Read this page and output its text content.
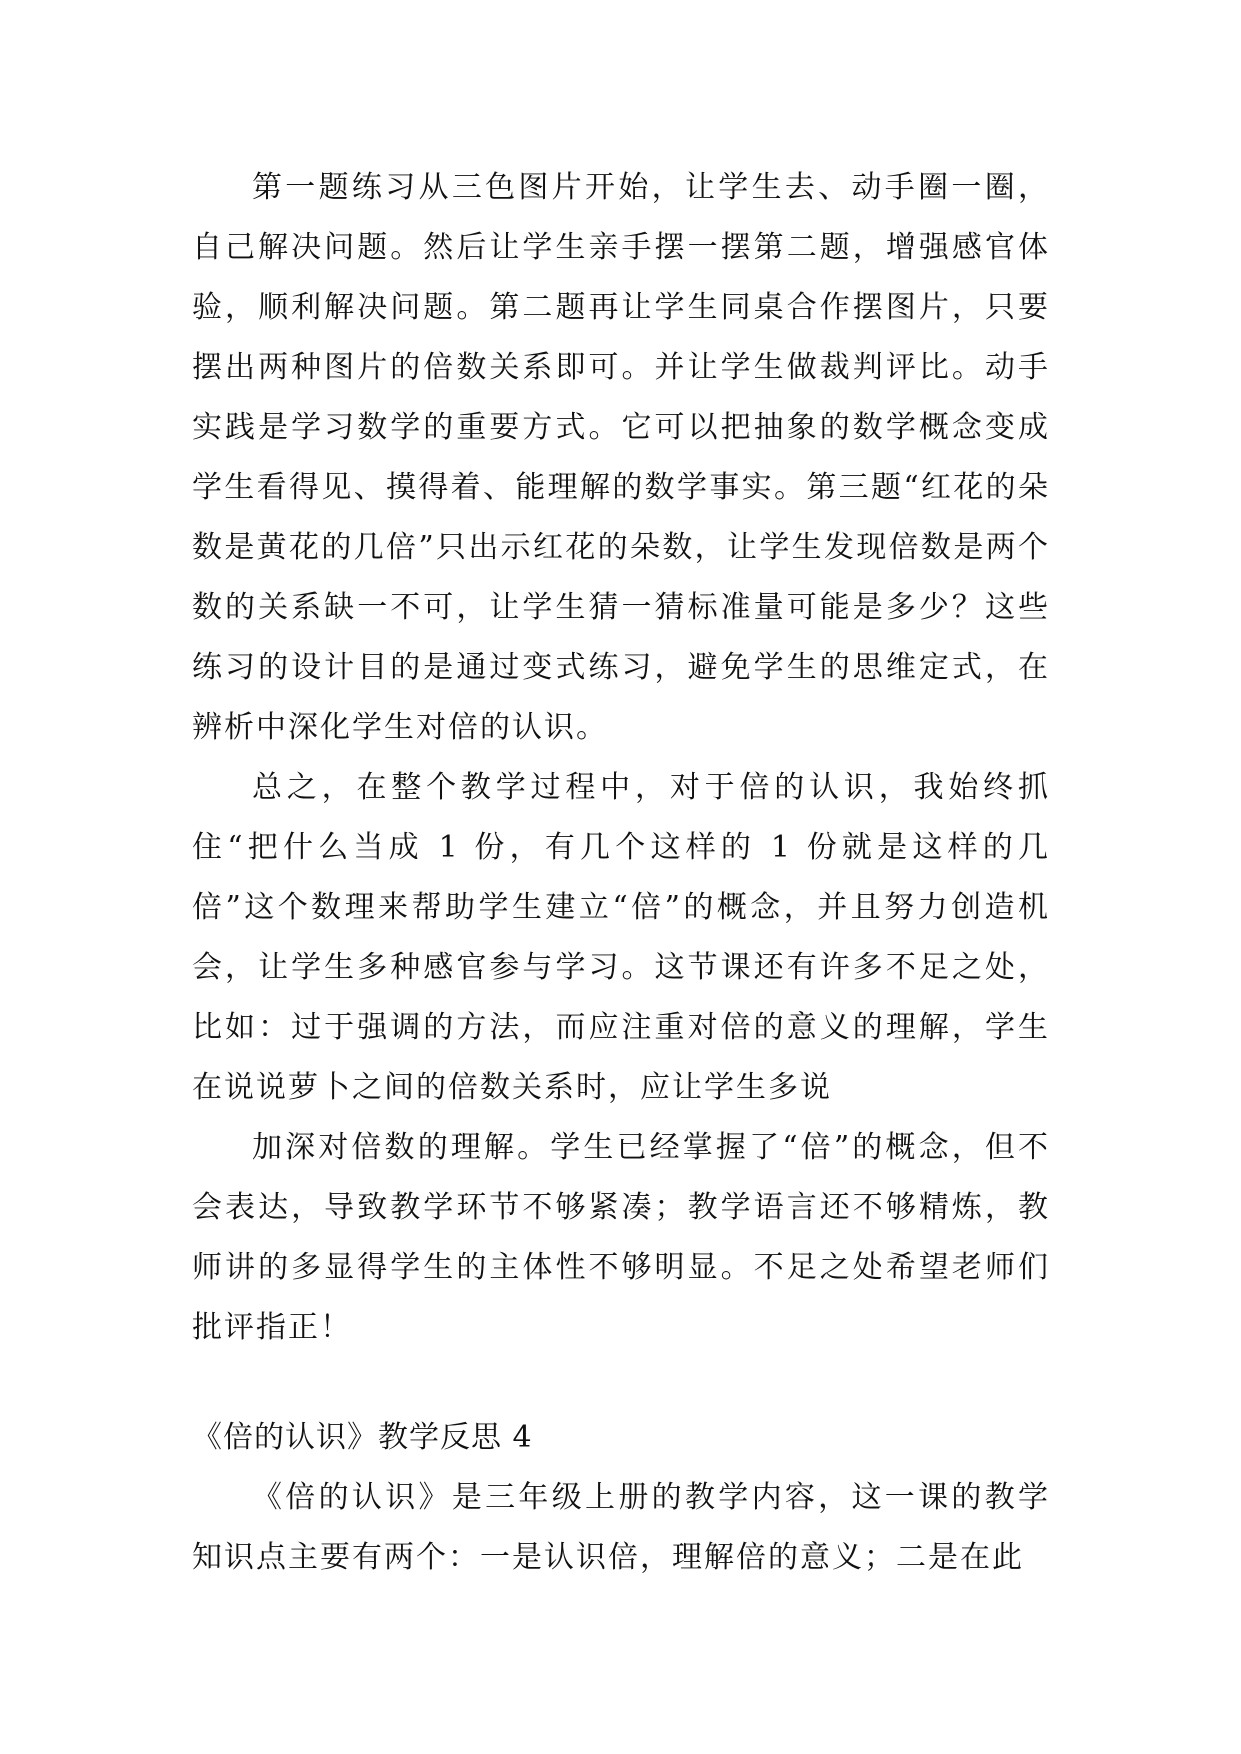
第一题练习从三色图片开始，让学生去、动手圈一圈，自己解决问题。然后让学生亲手摆一摆第二题，增强感官体验，顺利解决问题。第二题再让学生同桌合作摆图片，只要摆出两种图片的倍数关系即可。并让学生做裁判评比。动手实践是学习数学的重要方式。它可以把抽象的数学概念变成学生看得见、摸得着、能理解的数学事实。第三题“红花的朵数是黄花的几倍”只出示红花的朵数，让学生发现倍数是两个数的关系缺一不可，让学生猜一猜标准量可能是多少？这些练习的设计目的是通过变式练习，避免学生的思维定式，在辨析中深化学生对倍的认识。

总之，在整个教学过程中，对于倍的认识，我始终抓住“把什么当成 1 份，有几个这样的 1 份就是这样的几倍”这个数理来帮助学生建立“倍”的概念，并且努力创造机会，让学生多种感官参与学习。这节课还有许多不足之处，比如：过于强调的方法，而应注重对倍的意义的理解，学生在说说萝卜之间的倍数关系时，应让学生多说

加深对倍数的理解。学生已经掌握了“倍”的概念，但不会表达，导致教学环节不够紧凑；教学语言还不够精炼，教师讲的多显得学生的主体性不够明显。不足之处希望老师们批评指正！

《倍的认识》教学反思 4

《倍的认识》是三年级上册的教学内容，这一课的教学知识点主要有两个：一是认识倍，理解倍的意义；二是在此
